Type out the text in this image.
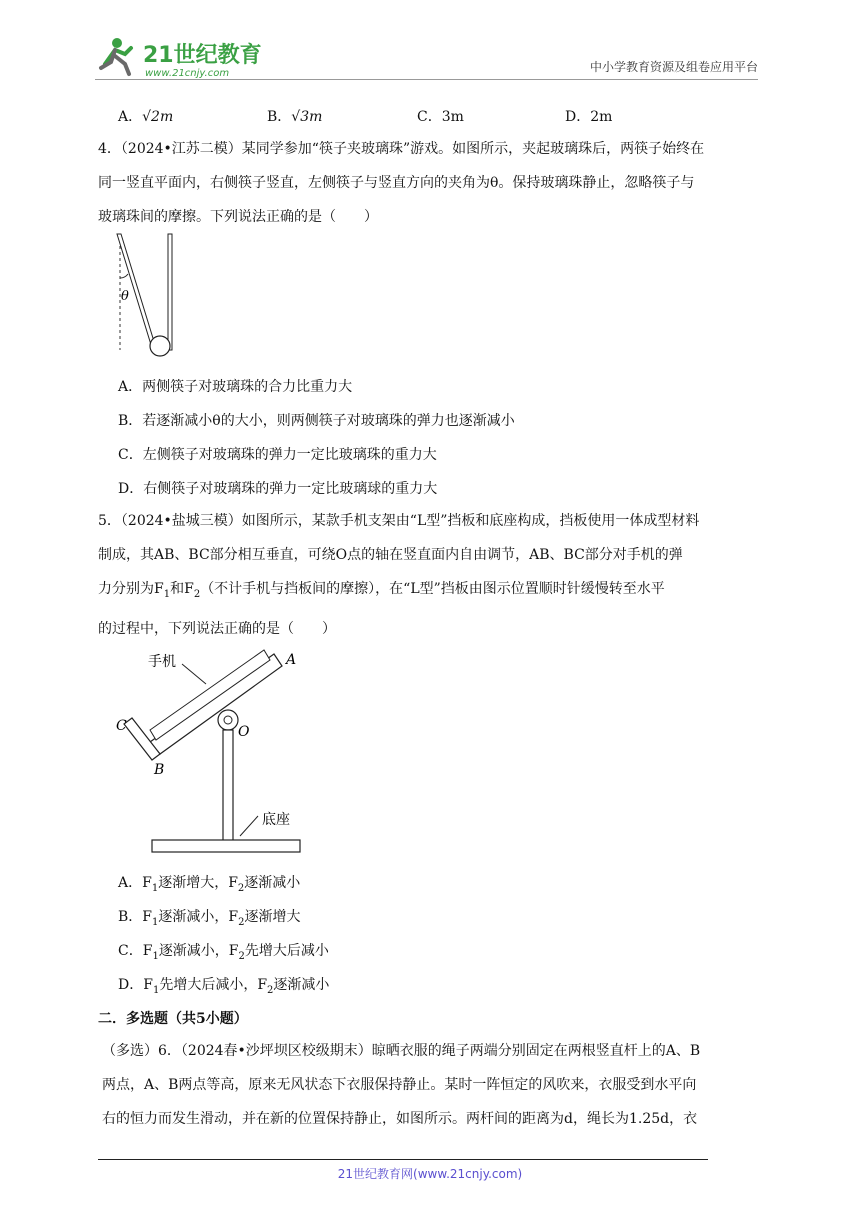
21世纪教育
www.21cnjy.com	中小学教育资源及组卷应用平台
A．√2m	B．√3m	C．3m	D．2m
4．（2024•江苏二模）某同学参加“筷子夹玻璃珠”游戏。如图所示，夹起玻璃珠后，两筷子始终在
同一竖直平面内，右侧筷子竖直，左侧筷子与竖直方向的夹角为θ。保持玻璃珠静止，忽略筷子与
玻璃珠间的摩擦。下列说法正确的是（　　）
θ
A．两侧筷子对玻璃珠的合力比重力大
B．若逐渐减小θ的大小，则两侧筷子对玻璃珠的弹力也逐渐减小
C．左侧筷子对玻璃珠的弹力一定比玻璃珠的重力大
D．右侧筷子对玻璃珠的弹力一定比玻璃球的重力大
5．（2024•盐城三模）如图所示，某款手机支架由“L型”挡板和底座构成，挡板使用一体成型材料
制成，其AB、BC部分相互垂直，可绕O点的轴在竖直面内自由调节，AB、BC部分对手机的弹
力分别为$F_1$和$F_2$（不计手机与挡板间的摩擦），在“L型”挡板由图示位置顺时针缓慢转至水平
的过程中，下列说法正确的是（　　）
手机	A
C
B
O
底座
A．$F_1$逐渐增大，$F_2$逐渐减小
B．$F_1$逐渐减小，$F_2$逐渐增大
C．$F_1$逐渐减小，$F_2$先增大后减小
D．$F_1$先增大后减小，$F_2$逐渐减小
二．多选题（共5小题）
（多选）6．（2024春•沙坪坝区校级期末）晾晒衣服的绳子两端分别固定在两根竖直杆上的A、B
两点，A、B两点等高，原来无风状态下衣服保持静止。某时一阵恒定的风吹来，衣服受到水平向
右的恒力而发生滑动，并在新的位置保持静止，如图所示。两杆间的距离为d，绳长为1.25d，衣
21世纪教育网(www.21cnjy.com)
